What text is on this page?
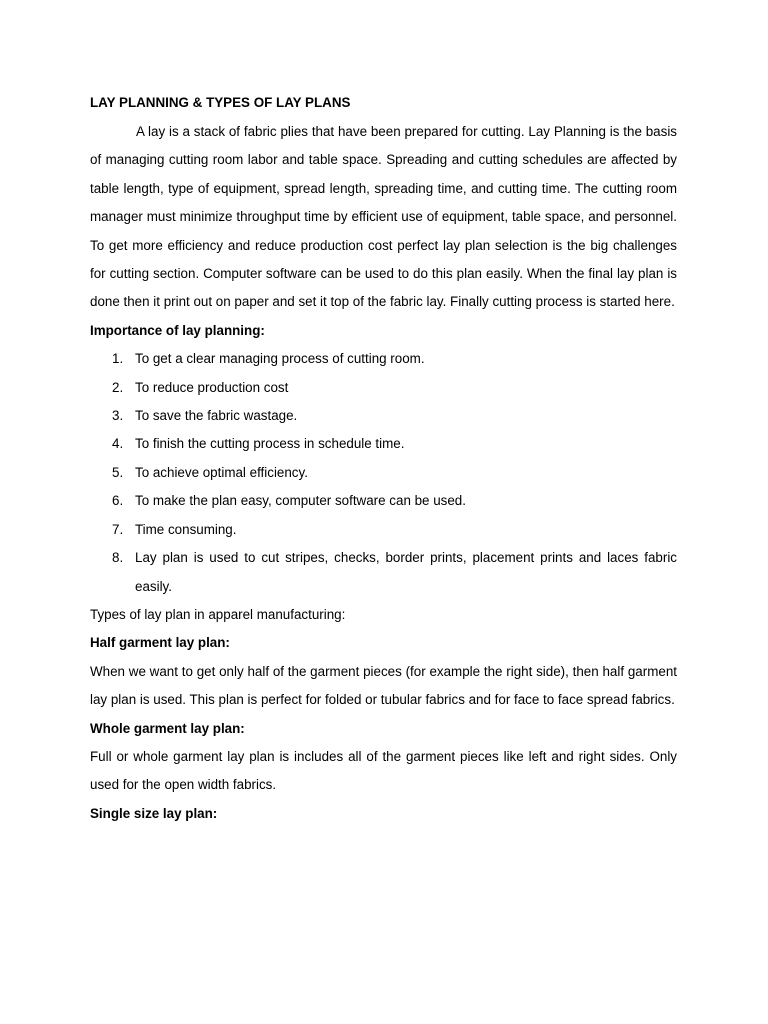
LAY PLANNING & TYPES OF LAY PLANS

A lay is a stack of fabric plies that have been prepared for cutting. Lay Planning is the basis of managing cutting room labor and table space. Spreading and cutting schedules are affected by table length, type of equipment, spread length, spreading time, and cutting time. The cutting room manager must minimize throughput time by efficient use of equipment, table space, and personnel. To get more efficiency and reduce production cost perfect lay plan selection is the big challenges for cutting section. Computer software can be used to do this plan easily. When the final lay plan is done then it print out on paper and set it top of the fabric lay. Finally cutting process is started here.

Importance of lay planning:

1. To get a clear managing process of cutting room.
2. To reduce production cost
3. To save the fabric wastage.
4. To finish the cutting process in schedule time.
5. To achieve optimal efficiency.
6. To make the plan easy, computer software can be used.
7. Time consuming.
8. Lay plan is used to cut stripes, checks, border prints, placement prints and laces fabric easily.

Types of lay plan in apparel manufacturing:

Half garment lay plan:

When we want to get only half of the garment pieces (for example the right side), then half garment lay plan is used. This plan is perfect for folded or tubular fabrics and for face to face spread fabrics.

Whole garment lay plan:

Full or whole garment lay plan is includes all of the garment pieces like left and right sides. Only used for the open width fabrics.

Single size lay plan:
